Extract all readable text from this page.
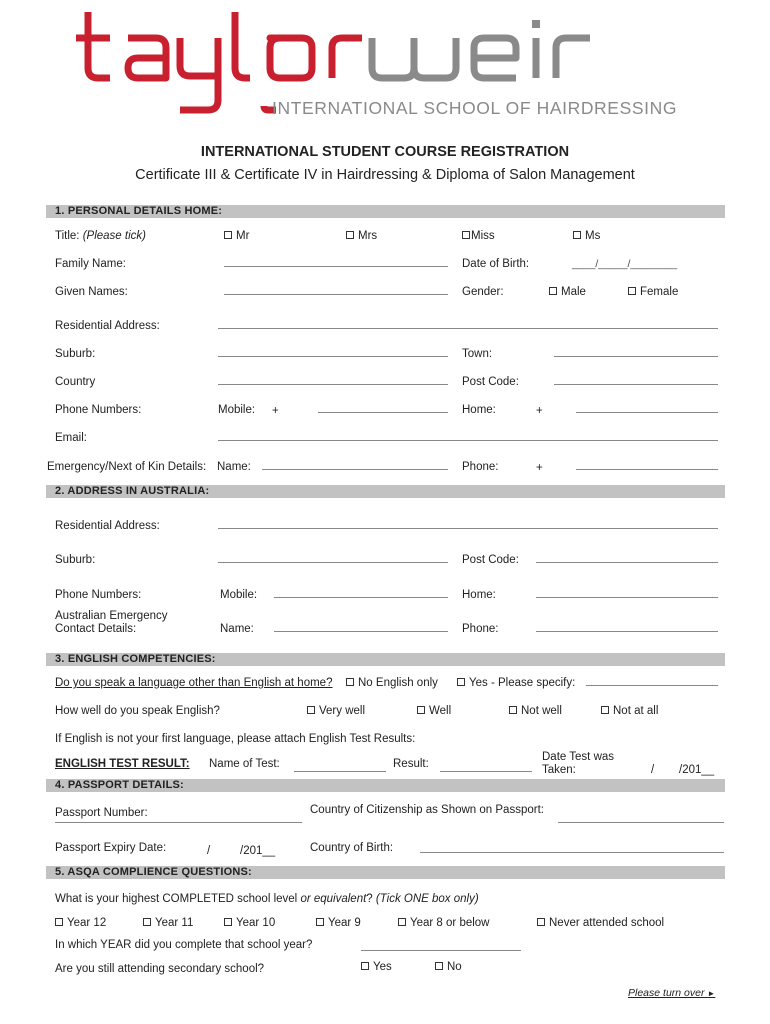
INTERNATIONAL SCHOOL OF HAIRDRESSING
INTERNATIONAL STUDENT COURSE REGISTRATION
Certificate III & Certificate IV in Hairdressing & Diploma of Salon Management
1. PERSONAL DETAILS HOME:
Title: (Please tick)	Mr	Mrs	Miss	Ms
Family Name:	Date of Birth:	____/_____/________
Given Names:	Gender:	Male	Female
Residential Address:
Suburb:	Town:
Country	Post Code:
Phone Numbers:	Mobile: +	Home:	+
Email:
Emergency/Next of Kin Details: Name:	Phone:	+
2. ADDRESS IN AUSTRALIA:
Residential Address:
Suburb:	Post Code:
Phone Numbers:	Mobile:	Home:
Australian Emergency
Contact Details:	Name:	Phone:
3. ENGLISH COMPETENCIES:
Do you speak a language other than English at home?	No English only	Yes - Please specify:
How well do you speak English?	Very well	Well	Not well	Not at all
If English is not your first language, please attach English Test Results:
ENGLISH TEST RESULT: Name of Test:	Result:
Date Test was
Taken:	/ /201__
4. PASSPORT DETAILS:
Passport Number:	Country of Citizenship as Shown on Passport:
Passport Expiry Date:	/	/201__	Country of Birth:
5. ASQA COMPLIENCE QUESTIONS:
What is your highest COMPLETED school level or equivalent? (Tick ONE box only)
Year 12	Year 11	Year 10	Year 9	Year 8 or below	Never attended school
In which YEAR did you complete that school year?
Are you still attending secondary school?	Yes	No
Please turn over ►
